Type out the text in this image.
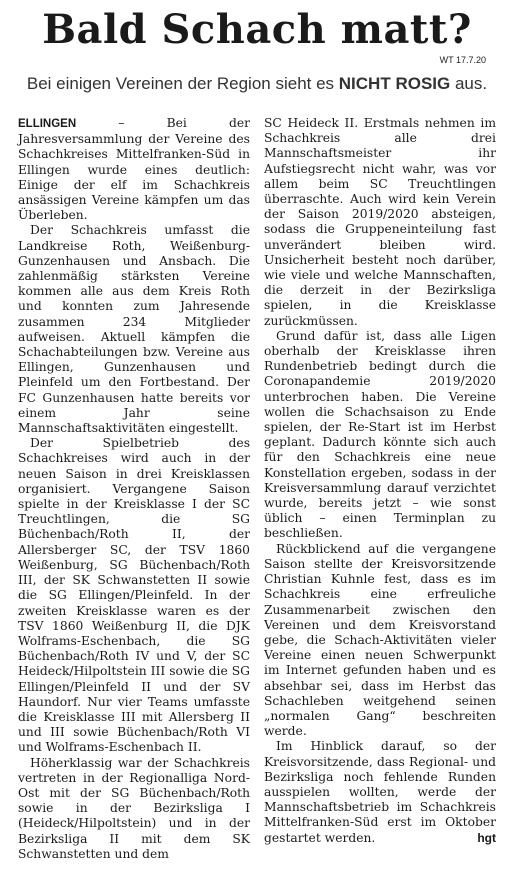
Bald Schach matt?
WT 17.7.20
Bei einigen Vereinen der Region sieht es NICHT ROSIG aus.

ELLINGEN – Bei der Jahresversammlung der Vereine des Schachkreises Mittelfranken-Süd in Ellingen wurde eines deutlich: Einige der elf im Schachkreis ansässigen Vereine kämpfen um das Überleben.

Der Schachkreis umfasst die Landkreise Roth, Weißenburg-Gunzenhausen und Ansbach. Die zahlenmäßig stärksten Vereine kommen alle aus dem Kreis Roth und konnten zum Jahresende zusammen 234 Mitglieder aufweisen. Aktuell kämpfen die Schachabteilungen bzw. Vereine aus Ellingen, Gunzenhausen und Pleinfeld um den Fortbestand. Der FC Gunzenhausen hatte bereits vor einem Jahr seine Mannschaftsaktivitäten eingestellt.

Der Spielbetrieb des Schachkreises wird auch in der neuen Saison in drei Kreisklassen organisiert. Vergangene Saison spielte in der Kreisklasse I der SC Treuchtlingen, die SG Büchenbach/Roth II, der Allersberger SC, der TSV 1860 Weißenburg, SG Büchenbach/Roth III, der SK Schwanstetten II sowie die SG Ellingen/Pleinfeld. In der zweiten Kreisklasse waren es der TSV 1860 Weißenburg II, die DJK Wolframs-Eschenbach, die SG Büchenbach/Roth IV und V, der SC Heideck/Hilpoltstein III sowie die SG Ellingen/Pleinfeld II und der SV Haundorf. Nur vier Teams umfasste die Kreisklasse III mit Allersberg II und III sowie Büchenbach/Roth VI und Wolframs-Eschenbach II.

Höherklassig war der Schachkreis vertreten in der Regionalliga Nord-Ost mit der SG Büchenbach/Roth sowie in der Bezirksliga I (Heideck/Hilpoltstein) und in der Bezirksliga II mit dem SK Schwanstetten und dem

SC Heideck II. Erstmals nehmen im Schachkreis alle drei Mannschaftsmeister ihr Aufstiegsrecht nicht wahr, was vor allem beim SC Treuchtlingen überraschte. Auch wird kein Verein der Saison 2019/2020 absteigen, sodass die Gruppeneinteilung fast unverändert bleiben wird. Unsicherheit besteht noch darüber, wie viele und welche Mannschaften, die derzeit in der Bezirksliga spielen, in die Kreisklasse zurückmüssen.

Grund dafür ist, dass alle Ligen oberhalb der Kreisklasse ihren Rundenbetrieb bedingt durch die Coronapandemie 2019/2020 unterbrochen haben. Die Vereine wollen die Schachsaison zu Ende spielen, der Re-Start ist im Herbst geplant. Dadurch könnte sich auch für den Schachkreis eine neue Konstellation ergeben, sodass in der Kreisversammlung darauf verzichtet wurde, bereits jetzt – wie sonst üblich – einen Terminplan zu beschließen.

Rückblickend auf die vergangene Saison stellte der Kreisvorsitzende Christian Kuhnle fest, dass es im Schachkreis eine erfreuliche Zusammenarbeit zwischen den Vereinen und dem Kreisvorstand gebe, die Schach-Aktivitäten vieler Vereine einen neuen Schwerpunkt im Internet gefunden haben und es absehbar sei, dass im Herbst das Schachleben weitgehend seinen „normalen Gang“ beschreiten werde.

Im Hinblick darauf, so der Kreisvorsitzende, dass Regional- und Bezirksliga noch fehlende Runden ausspielen wollten, werde der Mannschaftsbetrieb im Schachkreis Mittelfranken-Süd erst im Oktober gestartet werden.	hgt
